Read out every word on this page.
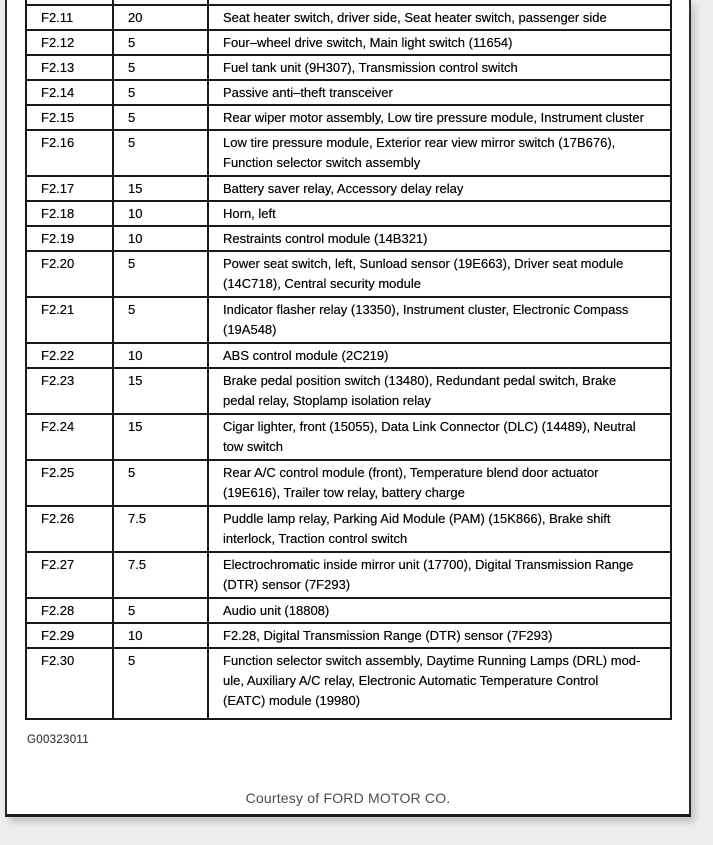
F2.11	20	Seat heater switch, driver side, Seat heater switch, passenger side

F2.12	5	Four–wheel drive switch, Main light switch (11654)

F2.13	5	Fuel tank unit (9H307), Transmission control switch

F2.14	5	Passive anti–theft transceiver

F2.15	5	Rear wiper motor assembly, Low tire pressure module, Instrument cluster

F2.16	5	Low tire pressure module, Exterior rear view mirror switch (17B676),
Function selector switch assembly

F2.17	15	Battery saver relay, Accessory delay relay

F2.18	10	Horn, left

F2.19	10	Restraints control module (14B321)

F2.20	5	Power seat switch, left, Sunload sensor (19E663), Driver seat module
(14C718), Central security module

F2.21	5	Indicator flasher relay (13350), Instrument cluster, Electronic Compass
(19A548)

F2.22	10	ABS control module (2C219)

F2.23	15	Brake pedal position switch (13480), Redundant pedal switch, Brake
pedal relay, Stoplamp isolation relay

F2.24	15	Cigar lighter, front (15055), Data Link Connector (DLC) (14489), Neutral
tow switch

F2.25	5	Rear A/C control module (front), Temperature blend door actuator
(19E616), Trailer tow relay, battery charge

F2.26	7.5	Puddle lamp relay, Parking Aid Module (PAM) (15K866), Brake shift
interlock, Traction control switch

F2.27	7.5	Electrochromatic inside mirror unit (17700), Digital Transmission Range
(DTR) sensor (7F293)

F2.28	5	Audio unit (18808)

F2.29	10	F2.28, Digital Transmission Range (DTR) sensor (7F293)

F2.30	5	Function selector switch assembly, Daytime Running Lamps (DRL) mod-
ule, Auxiliary A/C relay, Electronic Automatic Temperature Control
(EATC) module (19980)
G00323011
Courtesy of FORD MOTOR CO.
